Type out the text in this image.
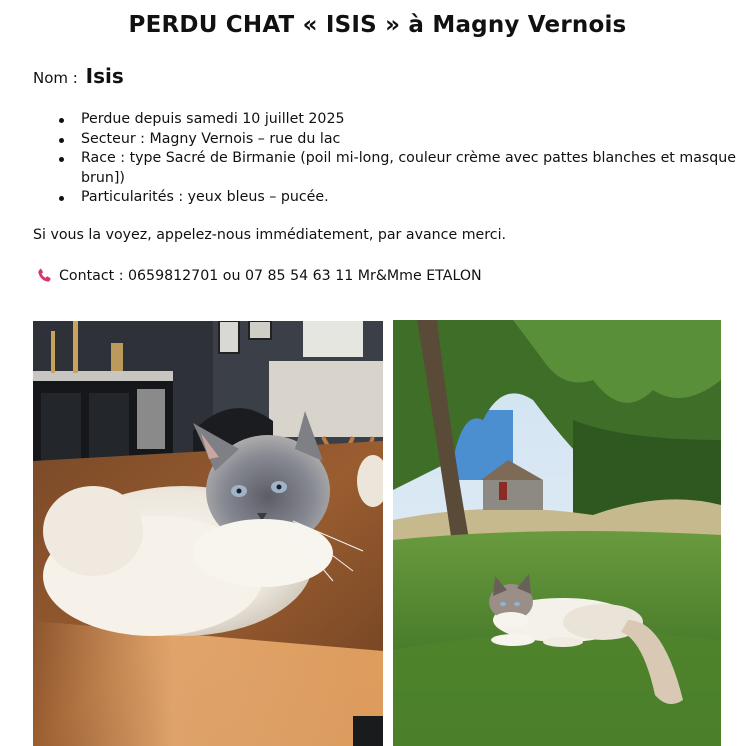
PERDU CHAT « ISIS » à Magny Vernois
Nom : Isis
Perdue depuis samedi 10 juillet 2025
Secteur : Magny Vernois – rue du lac
Race : type Sacré de Birmanie (poil mi-long, couleur crème avec pattes blanches et masque brun])
Particularités : yeux bleus – pucée.
Si vous la voyez, appelez-nous immédiatement, par avance merci.
Contact : 0659812701 ou 07 85 54 63 11 Mr&Mme ETALON
